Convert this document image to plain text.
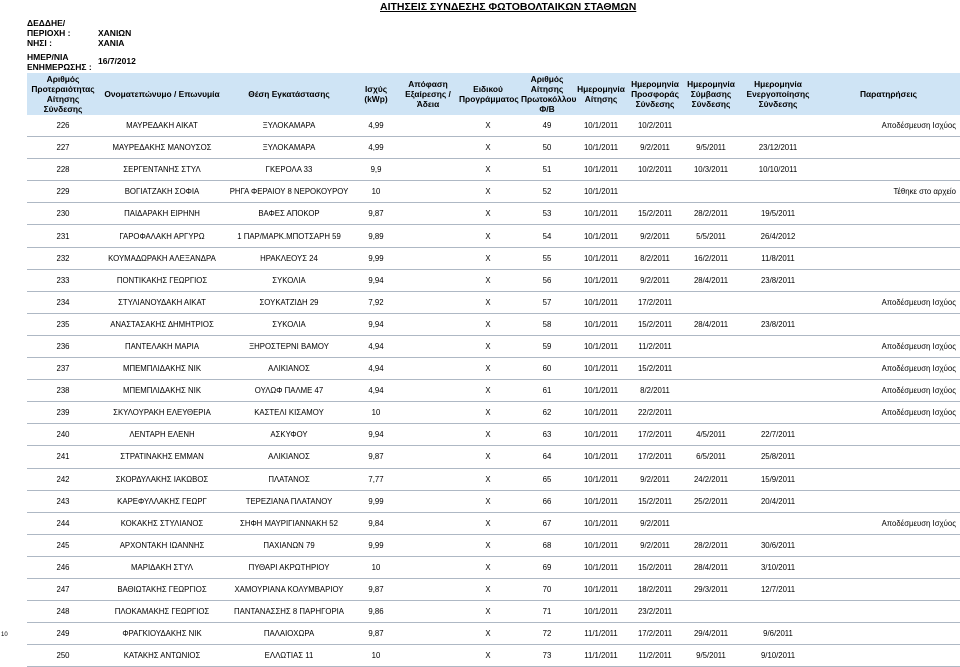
ΑΙΤΗΣΕΙΣ ΣΥΝΔΕΣΗΣ ΦΩΤΟΒΟΛΤΑΙΚΩΝ ΣΤΑΘΜΩΝ
ΔΕΔΔΗΕ/
ΠΕΡΙΟΧΗ :	ΧΑΝΙΩΝ
ΝΗΣΙ :	ΧΑΝΙΑ
ΗΜΕΡ/ΝΙΑ	16/7/2012
ΕΝΗΜΕΡΩΣΗΣ :
Αριθμός Προτεραιότητας Αίτησης Σύνδεσης	Ονοματεπώνυμο / Επωνυμία	Θέση Εγκατάστασης	Ισχύς (kWp)	Απόφαση Εξαίρεσης / Άδεια	Ειδικού Προγράμματος	Αριθμός Αίτησης Πρωτοκόλλου Φ/Β	Ημερομηνία Αίτησης	Ημερομηνία Προσφοράς Σύνδεσης	Ημερομηνία Σύμβασης Σύνδεσης	Ημερομηνία Ενεργοποίησης Σύνδεσης	Παρατηρήσεις
226	ΜΑΥΡΕΔΑΚΗ ΑΙΚΑΤ	ΞΥΛΟΚΑΜΑΡΑ	4,99		X	49	10/1/2011	10/2/2011			Αποδέσμευση Ισχύος
227	ΜΑΥΡΕΔΑΚΗΣ ΜΑΝΟΥΣΟΣ	ΞΥΛΟΚΑΜΑΡΑ	4,99		X	50	10/1/2011	9/2/2011	9/5/2011	23/12/2011	
228	ΣΕΡΓΕΝΤΑΝΗΣ ΣΤΥΛ	ΓΚΕΡΟΛΑ 33	9,9		X	51	10/1/2011	10/2/2011	10/3/2011	10/10/2011	
229	ΒΟΓΙΑΤΖΑΚΗ ΣΟΦΙΑ	ΡΗΓΑ ΦΕΡΑΙΟΥ 8 ΝΕΡΟΚΟΥΡΟΥ	10		X	52	10/1/2011				Τέθηκε στο αρχείο
230	ΠΑΙΔΑΡΑΚΗ ΕΙΡΗΝΗ	ΒΑΦΕΣ ΑΠΟΚΟΡ	9,87		X	53	10/1/2011	15/2/2011	28/2/2011	19/5/2011	
231	ΓΑΡΟΦΑΛΑΚΗ ΑΡΓΥΡΩ	1 ΠΑΡ/ΜΑΡΚ.ΜΠΟΤΣΑΡΗ 59	9,89		X	54	10/1/2011	9/2/2011	5/5/2011	26/4/2012	
232	ΚΟΥΜΑΔΩΡΑΚΗ ΑΛΕΞΑΝΔΡΑ	ΗΡΑΚΛΕΟΥΣ 24	9,99		X	55	10/1/2011	8/2/2011	16/2/2011	11/8/2011	
233	ΠΟΝΤΙΚΑΚΗΣ ΓΕΩΡΓΙΟΣ	ΣΥΚΟΛΙΑ	9,94		X	56	10/1/2011	9/2/2011	28/4/2011	23/8/2011	
234	ΣΤΥΛΙΑΝΟΥΔΑΚΗ ΑΙΚΑΤ	ΣΟΥΚΑΤΖΙΔΗ 29	7,92		X	57	10/1/2011	17/2/2011			Αποδέσμευση Ισχύος
235	ΑΝΑΣΤΑΣΑΚΗΣ ΔΗΜΗΤΡΙΟΣ	ΣΥΚΟΛΙΑ	9,94		X	58	10/1/2011	15/2/2011	28/4/2011	23/8/2011	
236	ΠΑΝΤΕΛΑΚΗ ΜΑΡΙΑ	ΞΗΡΟΣΤΕΡΝΙ ΒΑΜΟΥ	4,94		X	59	10/1/2011	11/2/2011			Αποδέσμευση Ισχύος
237	ΜΠΕΜΠΛΙΔΑΚΗΣ ΝΙΚ	ΑΛΙΚΙΑΝΟΣ	4,94		X	60	10/1/2011	15/2/2011			Αποδέσμευση Ισχύος
238	ΜΠΕΜΠΛΙΔΑΚΗΣ ΝΙΚ	ΟΥΛΩΦ ΠΑΛΜΕ 47	4,94		X	61	10/1/2011	8/2/2011			Αποδέσμευση Ισχύος
239	ΣΚΥΛΟΥΡΑΚΗ ΕΛΕΥΘΕΡΙΑ	ΚΑΣΤΕΛΙ ΚΙΣΑΜΟΥ	10		X	62	10/1/2011	22/2/2011			Αποδέσμευση Ισχύος
240	ΛΕΝΤΑΡΗ ΕΛΕΝΗ	ΑΣΚΥΦΟΥ	9,94		X	63	10/1/2011	17/2/2011	4/5/2011	22/7/2011	
241	ΣΤΡΑΤΙΝΑΚΗΣ ΕΜΜΑΝ	ΑΛΙΚΙΑΝΟΣ	9,87		X	64	10/1/2011	17/2/2011	6/5/2011	25/8/2011	
242	ΣΚΟΡΔΥΛΑΚΗΣ ΙΑΚΩΒΟΣ	ΠΛΑΤΑΝΟΣ	7,77		X	65	10/1/2011	9/2/2011	24/2/2011	15/9/2011	
243	ΚΑΡΕΦΥΛΛΑΚΗΣ ΓΕΩΡΓ	ΤΕΡΕΖΙΑΝΑ ΠΛΑΤΑΝΟΥ	9,99		X	66	10/1/2011	15/2/2011	25/2/2011	20/4/2011	
244	ΚΟΚΑΚΗΣ ΣΤΥΛΙΑΝΟΣ	ΣΗΦΗ ΜΑΥΡΙΓΙΑΝΝΑΚΗ 52	9,84		X	67	10/1/2011	9/2/2011			Αποδέσμευση Ισχύος
245	ΑΡΧΟΝΤΑΚΗ ΙΩΑΝΝΗΣ	ΠΑΧΙΑΝΩΝ 79	9,99		X	68	10/1/2011	9/2/2011	28/2/2011	30/6/2011	
246	ΜΑΡΙΔΑΚΗ ΣΤΥΛ	ΠΥΘΑΡΙ ΑΚΡΩΤΗΡΙΟΥ	10		X	69	10/1/2011	15/2/2011	28/4/2011	3/10/2011	
247	ΒΑΘΙΩΤΑΚΗΣ ΓΕΩΡΓΙΟΣ	ΧΑΜΟΥΡΙΑΝΑ ΚΟΛΥΜΒΑΡΙΟΥ	9,87		X	70	10/1/2011	18/2/2011	29/3/2011	12/7/2011	
248	ΠΛΟΚΑΜΑΚΗΣ ΓΕΩΡΓΙΟΣ	ΠΑΝΤΑΝΑΣΣΗΣ 8 ΠΑΡΗΓΟΡΙΑ	9,86		X	71	10/1/2011	23/2/2011			
249	ΦΡΑΓΚΙΟΥΔΑΚΗΣ ΝΙΚ	ΠΑΛΑΙΟΧΩΡΑ	9,87		X	72	11/1/2011	17/2/2011	29/4/2011	9/6/2011	
250	ΚΑΤΑΚΗΣ ΑΝΤΩΝΙΟΣ	ΕΛΛΩΤΙΑΣ 11	10		X	73	11/1/2011	11/2/2011	9/5/2011	9/10/2011	
10
